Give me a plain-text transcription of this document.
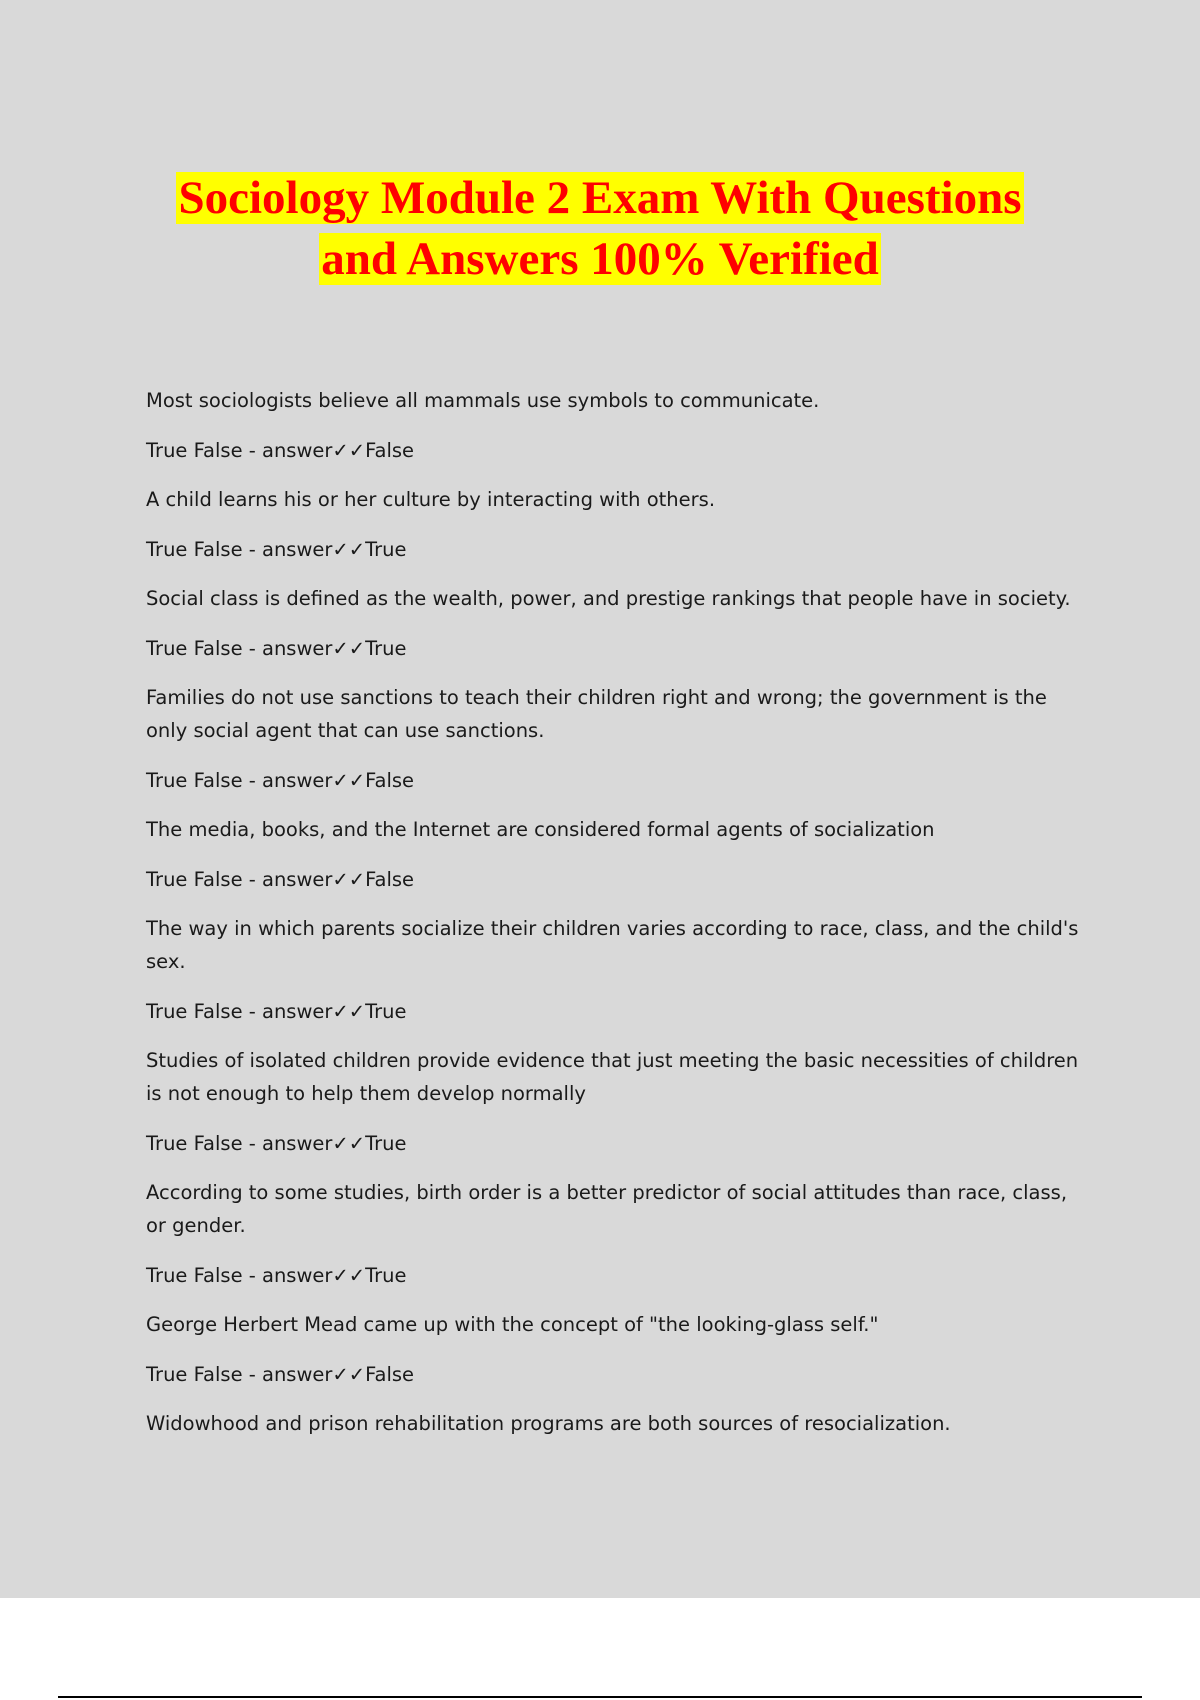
Sociology Module 2 Exam With Questions
and Answers 100% Verified

Most sociologists believe all mammals use symbols to communicate.

True False - answer✓✓False

A child learns his or her culture by interacting with others.

True False - answer✓✓True

Social class is defined as the wealth, power, and prestige rankings that people have in society.

True False - answer✓✓True

Families do not use sanctions to teach their children right and wrong; the government is the only social agent that can use sanctions.

True False - answer✓✓False

The media, books, and the Internet are considered formal agents of socialization

True False - answer✓✓False

The way in which parents socialize their children varies according to race, class, and the child's sex.

True False - answer✓✓True

Studies of isolated children provide evidence that just meeting the basic necessities of children is not enough to help them develop normally

True False - answer✓✓True

According to some studies, birth order is a better predictor of social attitudes than race, class, or gender.

True False - answer✓✓True

George Herbert Mead came up with the concept of "the looking-glass self."

True False - answer✓✓False

Widowhood and prison rehabilitation programs are both sources of resocialization.
